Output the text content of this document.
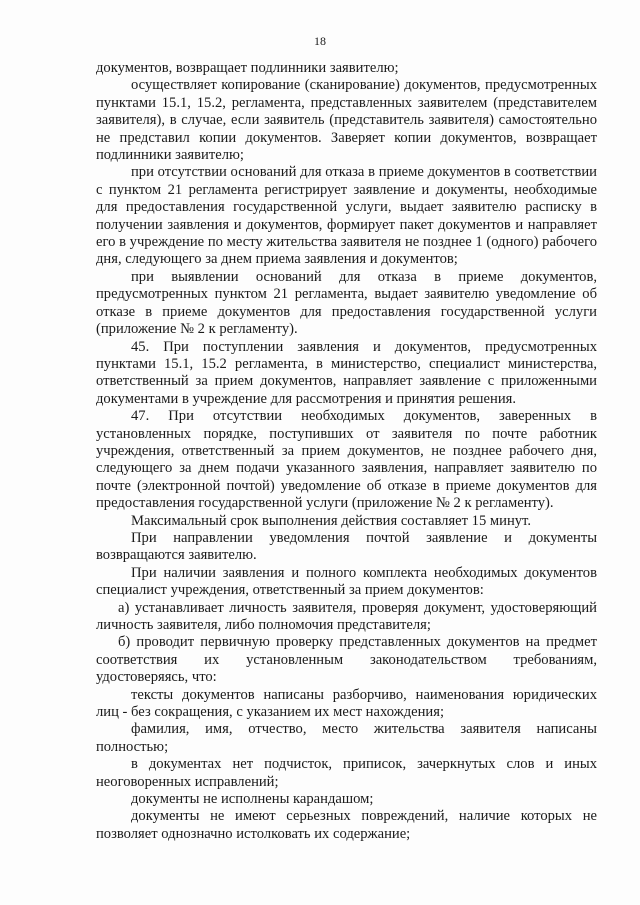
18

документов, возвращает подлинники заявителю;

осуществляет копирование (сканирование) документов, предусмотренных пунктами 15.1, 15.2, регламента, представленных заявителем (представителем заявителя), в случае, если заявитель (представитель заявителя) самостоятельно не представил копии документов. Заверяет копии документов, возвращает подлинники заявителю;

при отсутствии оснований для отказа в приеме документов в соответствии с пунктом 21 регламента регистрирует заявление и документы, необходимые для предоставления государственной услуги, выдает заявителю расписку в получении заявления и документов, формирует пакет документов и направляет его в учреждение по месту жительства заявителя не позднее 1 (одного) рабочего дня, следующего за днем приема заявления и документов;

при выявлении оснований для отказа в приеме документов, предусмотренных пунктом 21 регламента, выдает заявителю уведомление об отказе в приеме документов для предоставления государственной услуги (приложение № 2 к регламенту).

45. При поступлении заявления и документов, предусмотренных пунктами 15.1, 15.2 регламента, в министерство, специалист министерства, ответственный за прием документов, направляет заявление с приложенными документами в учреждение для рассмотрения и принятия решения.

47. При отсутствии необходимых документов, заверенных в установленных порядке, поступивших от заявителя по почте работник учреждения, ответственный за прием документов, не позднее рабочего дня, следующего за днем подачи указанного заявления, направляет заявителю по почте (электронной почтой) уведомление об отказе в приеме документов для предоставления государственной услуги (приложение № 2 к регламенту).

Максимальный срок выполнения действия составляет 15 минут.

При направлении уведомления почтой заявление и документы возвращаются заявителю.

При наличии заявления и полного комплекта необходимых документов специалист учреждения, ответственный за прием документов:

а) устанавливает личность заявителя, проверяя документ, удостоверяющий личность заявителя, либо полномочия представителя;

б) проводит первичную проверку представленных документов на предмет соответствия их установленным законодательством требованиям, удостоверяясь, что:

тексты документов написаны разборчиво, наименования юридических лиц - без сокращения, с указанием их мест нахождения;

фамилия, имя, отчество, место жительства заявителя написаны полностью;

в документах нет подчисток, приписок, зачеркнутых слов и иных неоговоренных исправлений;

документы не исполнены карандашом;

документы не имеют серьезных повреждений, наличие которых не позволяет однозначно истолковать их содержание;
